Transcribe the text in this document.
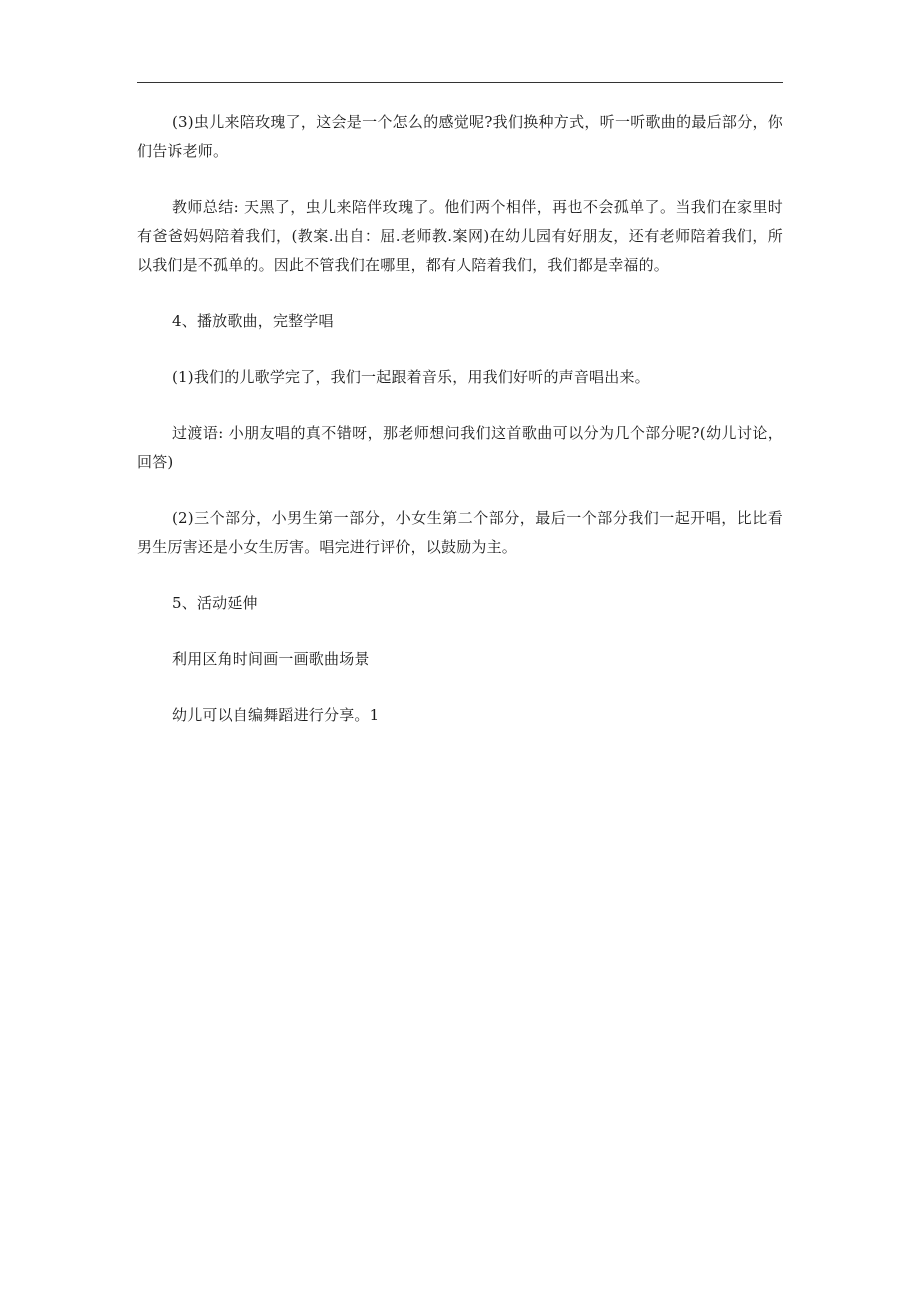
(3)虫儿来陪玫瑰了，这会是一个怎么的感觉呢?我们换种方式，听一听歌曲的最后部分，你们告诉老师。

教师总结: 天黑了，虫儿来陪伴玫瑰了。他们两个相伴，再也不会孤单了。当我们在家里时有爸爸妈妈陪着我们，(教案.出自：屈.老师教.案网)在幼儿园有好朋友，还有老师陪着我们，所以我们是不孤单的。因此不管我们在哪里，都有人陪着我们，我们都是幸福的。

4、播放歌曲，完整学唱

(1)我们的儿歌学完了，我们一起跟着音乐，用我们好听的声音唱出来。

过渡语: 小朋友唱的真不错呀，那老师想问我们这首歌曲可以分为几个部分呢?(幼儿讨论，回答)

(2)三个部分，小男生第一部分，小女生第二个部分，最后一个部分我们一起开唱，比比看男生厉害还是小女生厉害。唱完进行评价，以鼓励为主。

5、活动延伸

利用区角时间画一画歌曲场景

幼儿可以自编舞蹈进行分享。1
